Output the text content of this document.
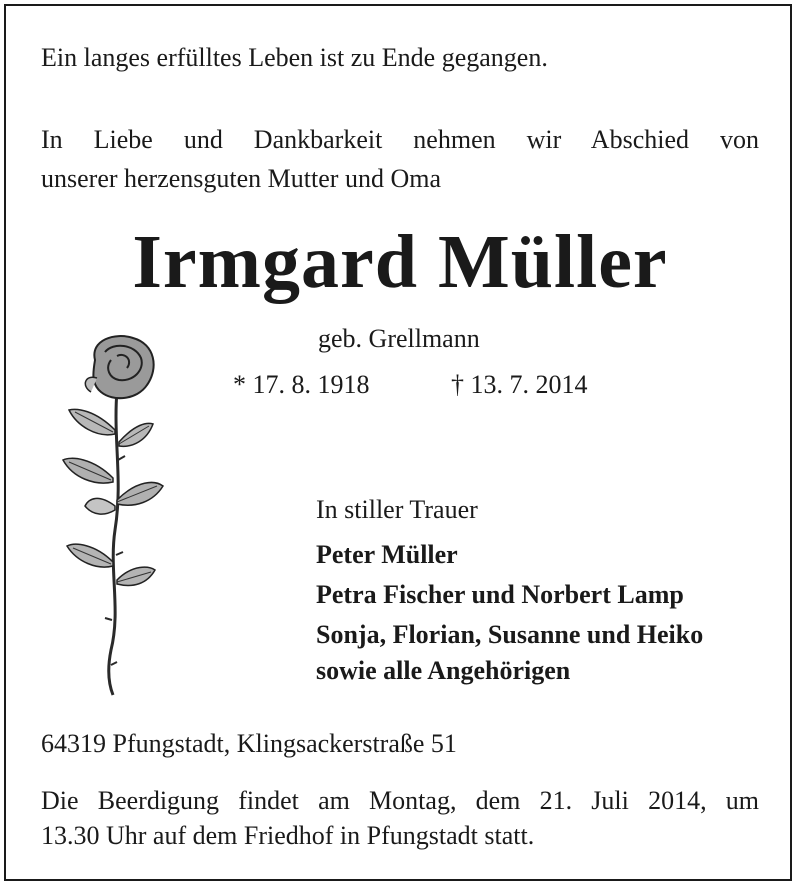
Ein langes erfülltes Leben ist zu Ende gegangen.
In Liebe und Dankbarkeit nehmen wir Abschied von
unserer herzensguten Mutter und Oma
Irmgard Müller
geb. Grellmann
* 17. 8. 1918	† 13. 7. 2014
In stiller Trauer
Peter Müller
Petra Fischer und Norbert Lamp
Sonja, Florian, Susanne und Heiko
sowie alle Angehörigen
64319 Pfungstadt, Klingsackerstraße 51
Die Beerdigung findet am Montag, dem 21. Juli 2014, um
13.30 Uhr auf dem Friedhof in Pfungstadt statt.
